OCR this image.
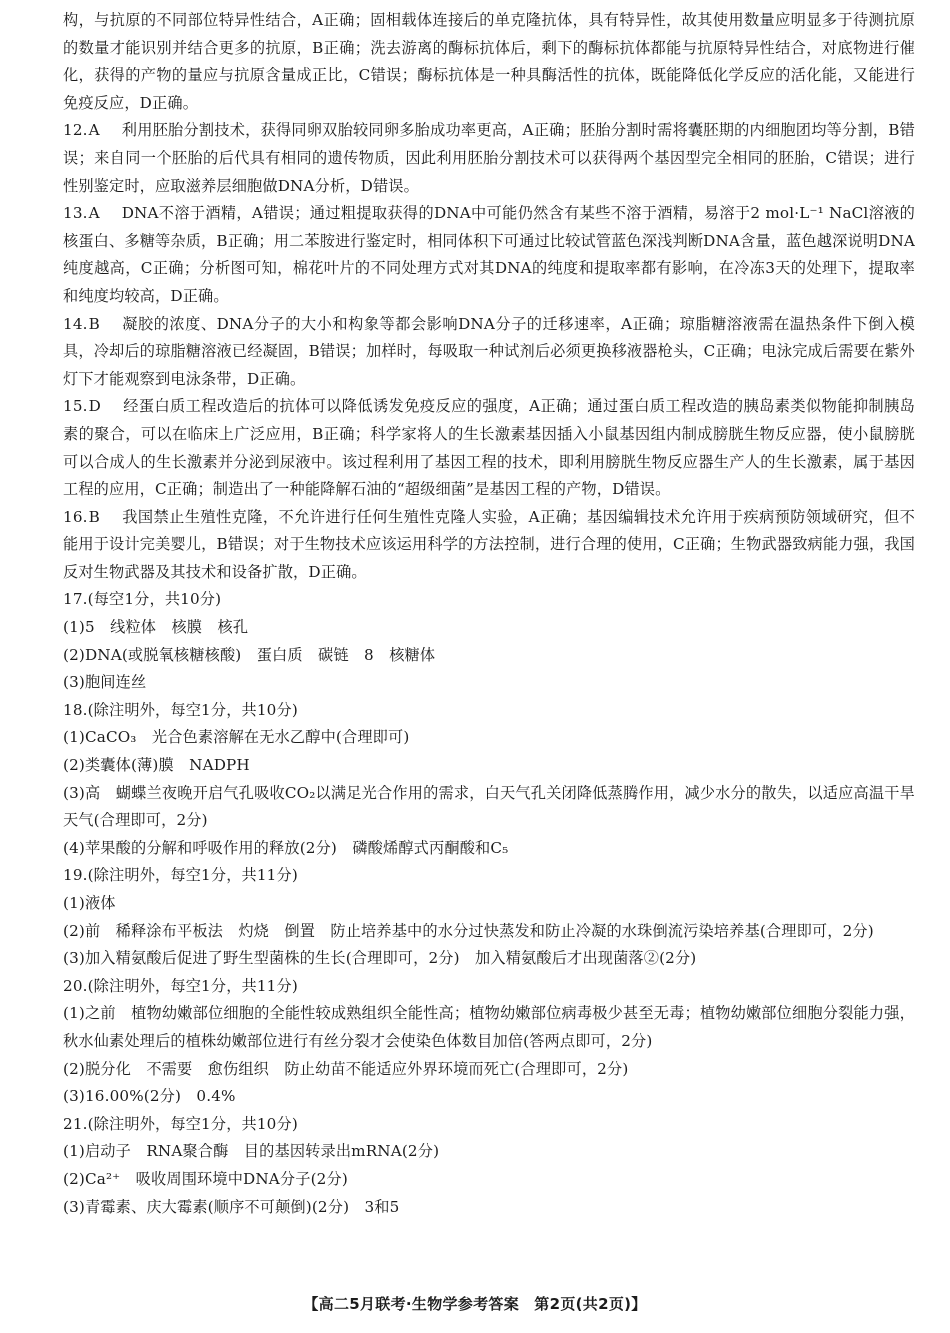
构，与抗原的不同部位特异性结合，A正确；固相载体连接后的单克隆抗体，具有特异性，故其使用数量应明显多于待测抗原的数量才能识别并结合更多的抗原，B正确；洗去游离的酶标抗体后，剩下的酶标抗体都能与抗原特异性结合，对底物进行催化，获得的产物的量应与抗原含量成正比，C错误；酶标抗体是一种具酶活性的抗体，既能降低化学反应的活化能，又能进行免疫反应，D正确。

12.A 利用胚胎分割技术，获得同卵双胎较同卵多胎成功率更高，A正确；胚胎分割时需将囊胚期的内细胞团均等分割，B错误；来自同一个胚胎的后代具有相同的遗传物质，因此利用胚胎分割技术可以获得两个基因型完全相同的胚胎，C错误；进行性别鉴定时，应取滋养层细胞做DNA分析，D错误。

13.A DNA不溶于酒精，A错误；通过粗提取获得的DNA中可能仍然含有某些不溶于酒精，易溶于2 mol·L⁻¹ NaCl溶液的核蛋白、多糖等杂质，B正确；用二苯胺进行鉴定时，相同体积下可通过比较试管蓝色深浅判断DNA含量，蓝色越深说明DNA纯度越高，C正确；分析图可知，棉花叶片的不同处理方式对其DNA的纯度和提取率都有影响，在冷冻3天的处理下，提取率和纯度均较高，D正确。

14.B 凝胶的浓度、DNA分子的大小和构象等都会影响DNA分子的迁移速率，A正确；琼脂糖溶液需在温热条件下倒入模具，冷却后的琼脂糖溶液已经凝固，B错误；加样时，每吸取一种试剂后必须更换移液器枪头，C正确；电泳完成后需要在紫外灯下才能观察到电泳条带，D正确。

15.D 经蛋白质工程改造后的抗体可以降低诱发免疫反应的强度，A正确；通过蛋白质工程改造的胰岛素类似物能抑制胰岛素的聚合，可以在临床上广泛应用，B正确；科学家将人的生长激素基因插入小鼠基因组内制成膀胱生物反应器，使小鼠膀胱可以合成人的生长激素并分泌到尿液中。该过程利用了基因工程的技术，即利用膀胱生物反应器生产人的生长激素，属于基因工程的应用，C正确；制造出了一种能降解石油的“超级细菌”是基因工程的产物，D错误。

16.B 我国禁止生殖性克隆，不允许进行任何生殖性克隆人实验，A正确；基因编辑技术允许用于疾病预防领域研究，但不能用于设计完美婴儿，B错误；对于生物技术应该运用科学的方法控制，进行合理的使用，C正确；生物武器致病能力强，我国反对生物武器及其技术和设备扩散，D正确。

17.(每空1分，共10分)

(1)5　线粒体　核膜　核孔

(2)DNA(或脱氧核糖核酸)　蛋白质　碳链　8　核糖体

(3)胞间连丝

18.(除注明外，每空1分，共10分)

(1)CaCO₃　光合色素溶解在无水乙醇中(合理即可)

(2)类囊体(薄)膜　NADPH

(3)高　蝴蝶兰夜晚开启气孔吸收CO₂以满足光合作用的需求，白天气孔关闭降低蒸腾作用，减少水分的散失，以适应高温干旱天气(合理即可，2分)

(4)苹果酸的分解和呼吸作用的释放(2分)　磷酸烯醇式丙酮酸和C₅

19.(除注明外，每空1分，共11分)

(1)液体

(2)前　稀释涂布平板法　灼烧　倒置　防止培养基中的水分过快蒸发和防止冷凝的水珠倒流污染培养基(合理即可，2分)

(3)加入精氨酸后促进了野生型菌株的生长(合理即可，2分)　加入精氨酸后才出现菌落②(2分)

20.(除注明外，每空1分，共11分)

(1)之前　植物幼嫩部位细胞的全能性较成熟组织全能性高；植物幼嫩部位病毒极少甚至无毒；植物幼嫩部位细胞分裂能力强，秋水仙素处理后的植株幼嫩部位进行有丝分裂才会使染色体数目加倍(答两点即可，2分)

(2)脱分化　不需要　愈伤组织　防止幼苗不能适应外界环境而死亡(合理即可，2分)

(3)16.00%(2分)　0.4%

21.(除注明外，每空1分，共10分)

(1)启动子　RNA聚合酶　目的基因转录出mRNA(2分)

(2)Ca²⁺　吸收周围环境中DNA分子(2分)

(3)青霉素、庆大霉素(顺序不可颠倒)(2分)　3和5

【高二5月联考·生物学参考答案　第2页(共2页)】
